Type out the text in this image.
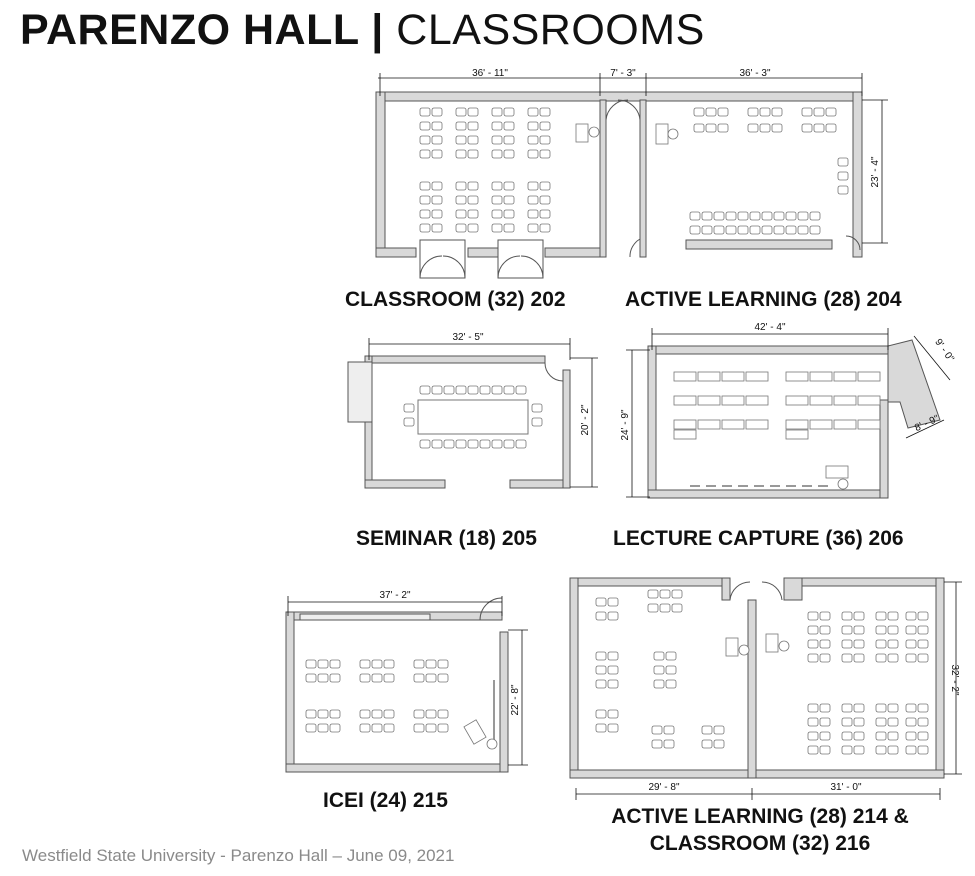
PARENZO HALL | CLASSROOMS
36' - 11"	7' - 3"	36' - 3"
23' - 4"
32' - 5"
20' - 2"
42' - 4"
24' - 9"
9' - 0"
8' - 9"
37' - 2"
22' - 8"
29' - 8"	31' - 0"
32' - 2"
CLASSROOM (32) 202	ACTIVE LEARNING (28) 204
SEMINAR (18) 205	LECTURE CAPTURE (36) 206
ICEI (24) 215
ACTIVE LEARNING (28) 214 &
CLASSROOM (32) 216
Westfield State University - Parenzo Hall – June 09, 2021
